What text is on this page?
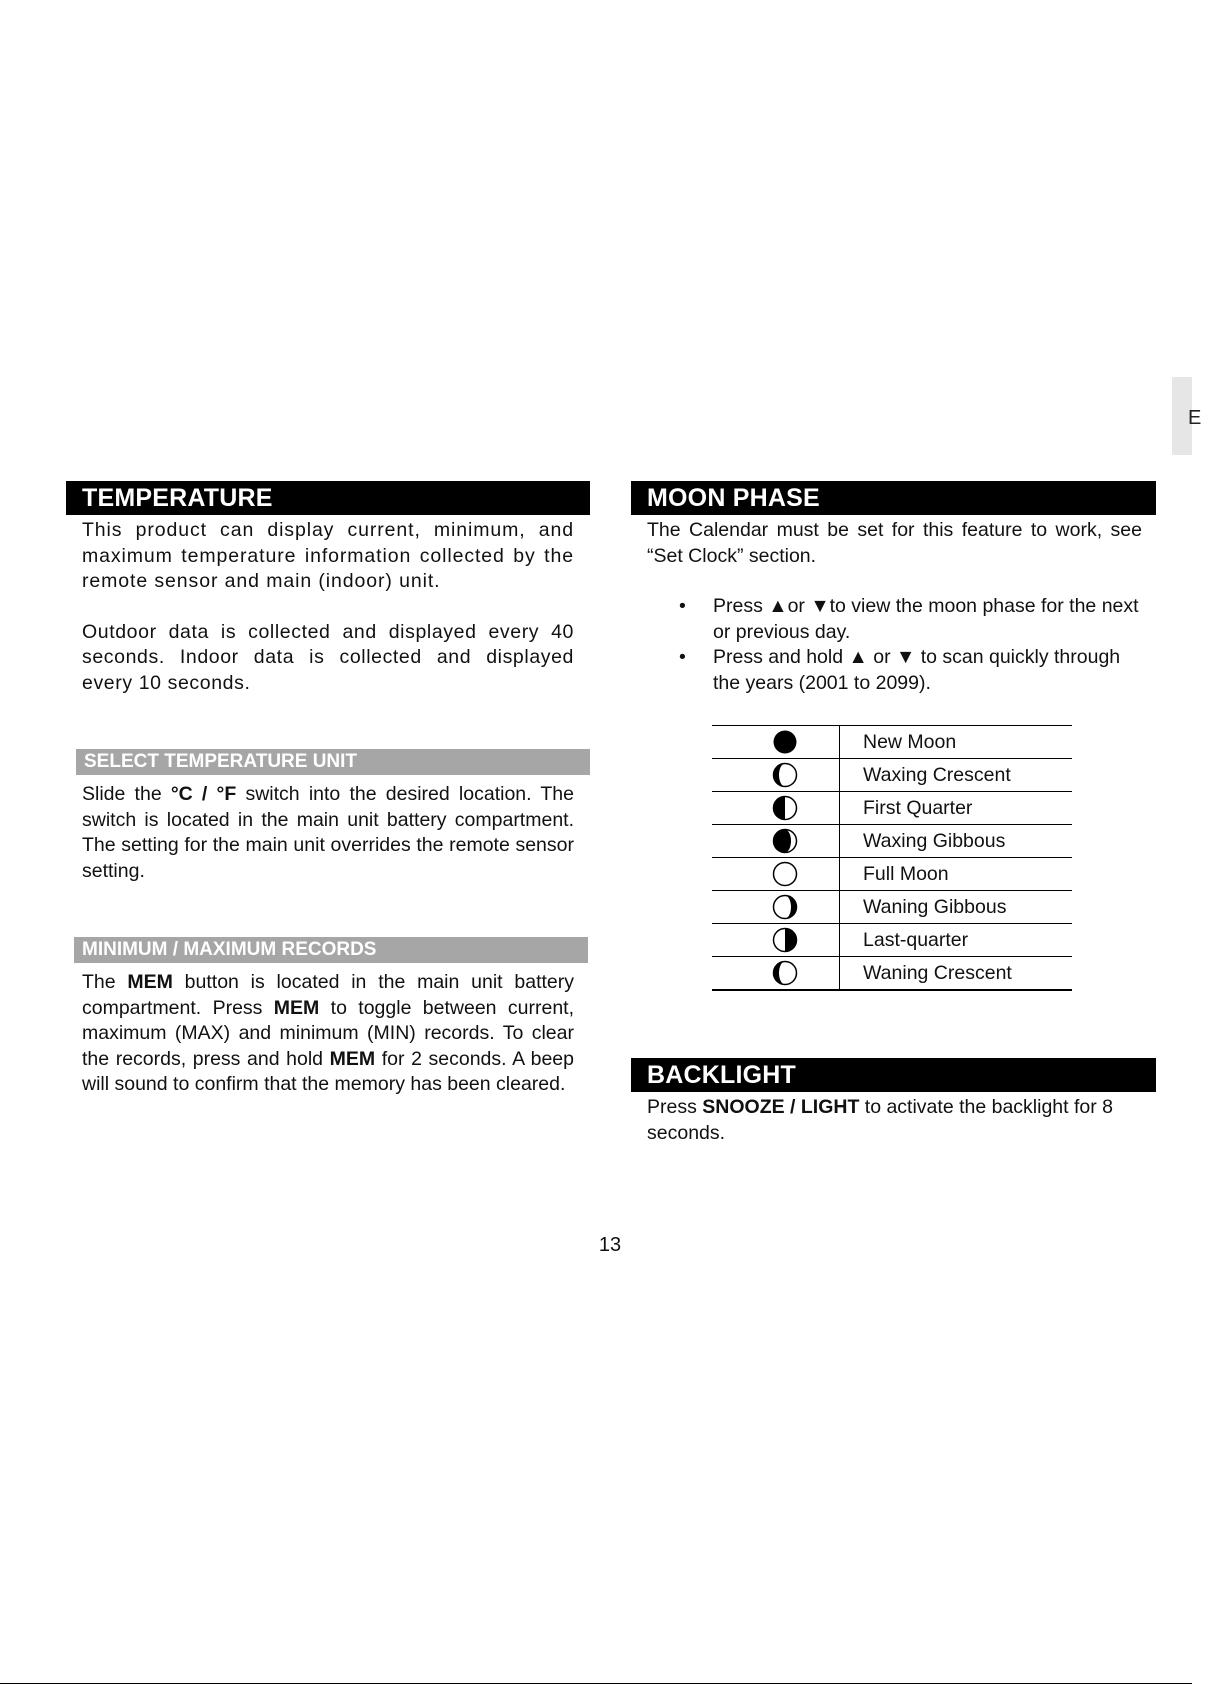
E
TEMPERATURE

This product can display current, minimum, and maximum temperature information collected by the remote sensor and main (indoor) unit.

Outdoor data is collected and displayed every 40 seconds. Indoor data is collected and displayed every 10 seconds.

SELECT TEMPERATURE UNIT

Slide the °C / °F switch into the desired location. The switch is located in the main unit battery compartment. The setting for the main unit overrides the remote sensor setting.

MINIMUM / MAXIMUM RECORDS

The MEM button is located in the main unit battery compartment. Press MEM to toggle between current, maximum (MAX) and minimum (MIN) records. To clear the records, press and hold MEM for 2 seconds. A beep will sound to confirm that the memory has been cleared.

MOON PHASE

The Calendar must be set for this feature to work, see “Set Clock” section.

• Press ▲or ▼to view the moon phase for the next or previous day.
• Press and hold ▲ or ▼ to scan quickly through the years (2001 to 2099).
	New Moon

	Waxing Crescent

	First Quarter

	Waxing Gibbous

	Full Moon

	Waning Gibbous

	Last-quarter

	Waning Crescent
BACKLIGHT

Press SNOOZE / LIGHT to activate the backlight for 8 seconds.

13
